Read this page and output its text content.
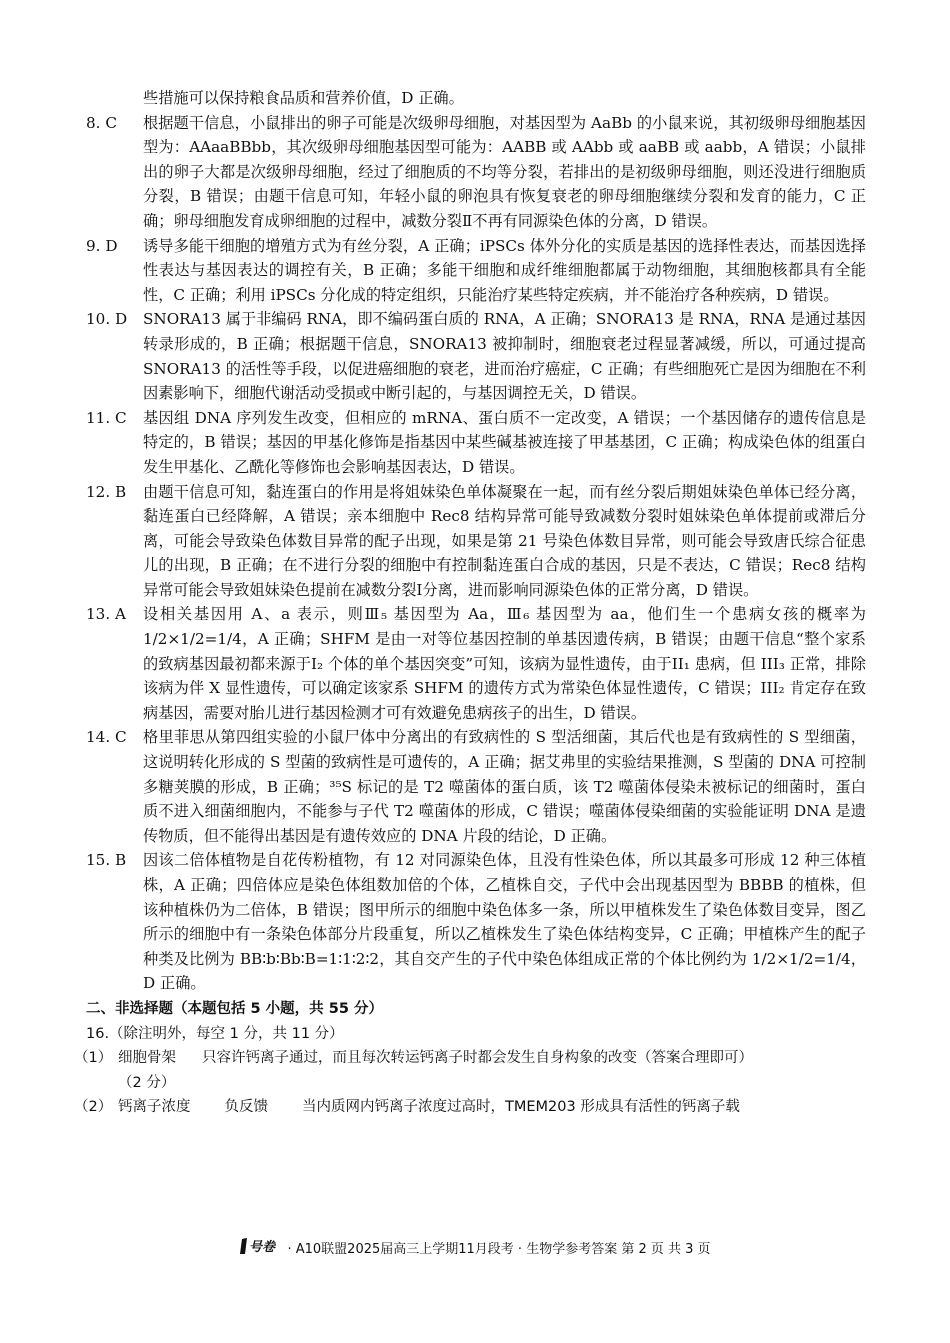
些措施可以保持粮食品质和营养价值，D 正确。
8. C	根据题干信息，小鼠排出的卵子可能是次级卵母细胞，对基因型为 AaBb 的小鼠来说，其初级卵母细胞基因型为：AAaaBBbb，其次级卵母细胞基因型可能为：AABB 或 AAbb 或 aaBB 或 aabb，A 错误；小鼠排出的卵子大都是次级卵母细胞，经过了细胞质的不均等分裂，若排出的是初级卵母细胞，则还没进行细胞质分裂，B 错误；由题干信息可知，年轻小鼠的卵泡具有恢复衰老的卵母细胞继续分裂和发育的能力，C 正确；卵母细胞发育成卵细胞的过程中，减数分裂Ⅱ不再有同源染色体的分离，D 错误。
9. D	诱导多能干细胞的增殖方式为有丝分裂，A 正确；iPSCs 体外分化的实质是基因的选择性表达，而基因选择性表达与基因表达的调控有关，B 正确；多能干细胞和成纤维细胞都属于动物细胞，其细胞核都具有全能性，C 正确；利用 iPSCs 分化成的特定组织，只能治疗某些特定疾病，并不能治疗各种疾病，D 错误。
10. D	SNORA13 属于非编码 RNA，即不编码蛋白质的 RNA，A 正确；SNORA13 是 RNA，RNA 是通过基因转录形成的，B 正确；根据题干信息，SNORA13 被抑制时，细胞衰老过程显著减缓，所以，可通过提高 SNORA13 的活性等手段，以促进癌细胞的衰老，进而治疗癌症，C 正确；有些细胞死亡是因为细胞在不利因素影响下，细胞代谢活动受损或中断引起的，与基因调控无关，D 错误。
11. C	基因组 DNA 序列发生改变，但相应的 mRNA、蛋白质不一定改变，A 错误；一个基因储存的遗传信息是特定的，B 错误；基因的甲基化修饰是指基因中某些碱基被连接了甲基基团，C 正确；构成染色体的组蛋白发生甲基化、乙酰化等修饰也会影响基因表达，D 错误。
12. B	由题干信息可知，黏连蛋白的作用是将姐妹染色单体凝聚在一起，而有丝分裂后期姐妹染色单体已经分离，黏连蛋白已经降解，A 错误；亲本细胞中 Rec8 结构异常可能导致减数分裂时姐妹染色单体提前或滞后分离，可能会导致染色体数目异常的配子出现，如果是第 21 号染色体数目异常，则可能会导致唐氏综合征患儿的出现，B 正确；在不进行分裂的细胞中有控制黏连蛋白合成的基因，只是不表达，C 错误；Rec8 结构异常可能会导致姐妹染色提前在减数分裂Ⅰ分离，进而影响同源染色体的正常分离，D 错误。
13. A	设相关基因用 A、a 表示，则Ⅲ₅ 基因型为 Aa，Ⅲ₆ 基因型为 aa，他们生一个患病女孩的概率为 1/2×1/2=1/4，A 正确；SHFM 是由一对等位基因控制的单基因遗传病，B 错误；由题干信息“整个家系的致病基因最初都来源于I₂ 个体的单个基因突变”可知，该病为显性遗传，由于II₁ 患病，但 III₃ 正常，排除该病为伴 X 显性遗传，可以确定该家系 SHFM 的遗传方式为常染色体显性遗传，C 错误；III₂ 肯定存在致病基因，需要对胎儿进行基因检测才可有效避免患病孩子的出生，D 错误。
14. C	格里菲思从第四组实验的小鼠尸体中分离出的有致病性的 S 型活细菌，其后代也是有致病性的 S 型细菌，这说明转化形成的 S 型菌的致病性是可遗传的，A 正确；据艾弗里的实验结果推测，S 型菌的 DNA 可控制多糖荚膜的形成，B 正确；³⁵S 标记的是 T2 噬菌体的蛋白质，该 T2 噬菌体侵染未被标记的细菌时，蛋白质不进入细菌细胞内，不能参与子代 T2 噬菌体的形成，C 错误；噬菌体侵染细菌的实验能证明 DNA 是遗传物质，但不能得出基因是有遗传效应的 DNA 片段的结论，D 正确。
15. B	因该二倍体植物是自花传粉植物，有 12 对同源染色体，且没有性染色体，所以其最多可形成 12 种三体植株，A 正确；四倍体应是染色体组数加倍的个体，乙植株自交，子代中会出现基因型为 BBBB 的植株，但该种植株仍为二倍体，B 错误；图甲所示的细胞中染色体多一条，所以甲植株发生了染色体数目变异，图乙所示的细胞中有一条染色体部分片段重复，所以乙植株发生了染色体结构变异，C 正确；甲植株产生的配子种类及比例为 BB∶b∶Bb∶B=1∶1∶2∶2，其自交产生的子代中染色体组成正常的个体比例约为 1/2×1/2=1/4，D 正确。
二、非选择题（本题包括 5 小题，共 55 分）
16.（除注明外，每空 1 分，共 11 分）
（1） 细胞骨架 只容许钙离子通过，而且每次转运钙离子时都会发生自身构象的改变（答案合理即可）
（2 分）
（2） 钙离子浓度 负反馈 当内质网内钙离子浓度过高时，TMEM203 形成具有活性的钙离子载
号卷 · A10联盟2025届高三上学期11月段考 · 生物学参考答案 第 2 页 共 3 页
